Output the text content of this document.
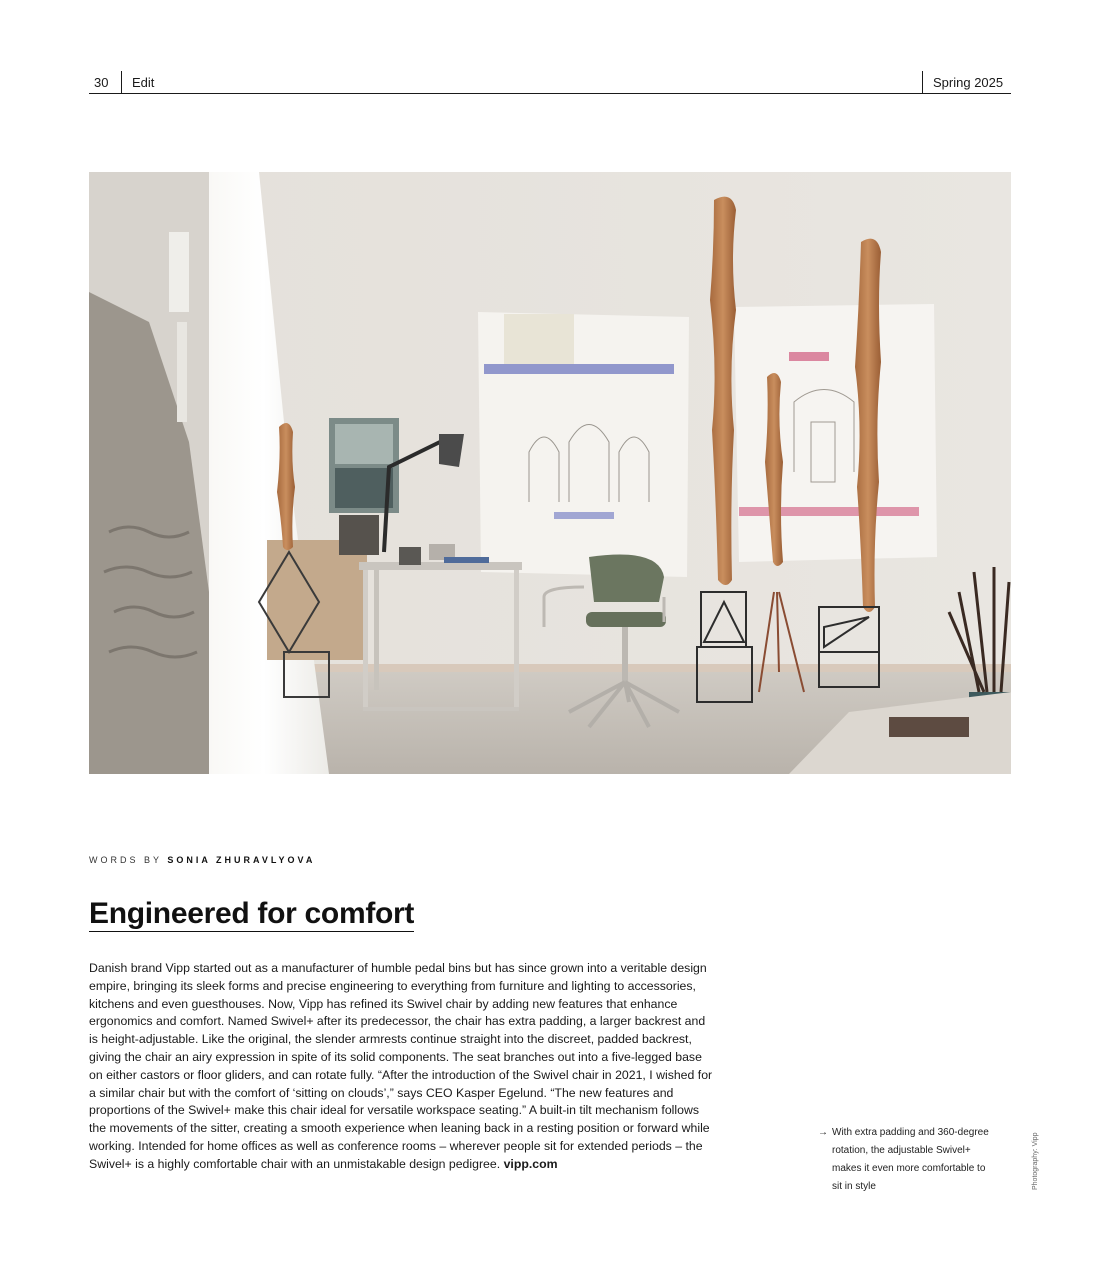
30	Edit	Spring 2025
WORDS BY SONIA ZHURAVLYOVA
Engineered for comfort

Danish brand Vipp started out as a manufacturer of humble pedal bins but has since grown into a veritable design empire, bringing its sleek forms and precise engineering to everything from furniture and lighting to accessories, kitchens and even guesthouses. Now, Vipp has refined its Swivel chair by adding new features that enhance ergonomics and comfort. Named Swivel+ after its predecessor, the chair has extra padding, a larger backrest and is height-adjustable. Like the original, the slender armrests continue straight into the discreet, padded backrest, giving the chair an airy expression in spite of its solid components. The seat branches out into a five-legged base on either castors or floor gliders, and can rotate fully. “After the introduction of the Swivel chair in 2021, I wished for a similar chair but with the comfort of ‘sitting on clouds’,” says CEO Kasper Egelund. “The new features and proportions of the Swivel+ make this chair ideal for versatile workspace seating.” A built-in tilt mechanism follows the movements of the sitter, creating a smooth experience when leaning back in a resting position or forward while working. Intended for home offices as well as conference rooms – wherever people sit for extended periods – the Swivel+ is a highly comfortable chair with an unmistakable design pedigree. vipp.com

→ With extra padding and 360-degree rotation, the adjustable Swivel+ makes it even more comfortable to sit in style	Photography: Vipp
